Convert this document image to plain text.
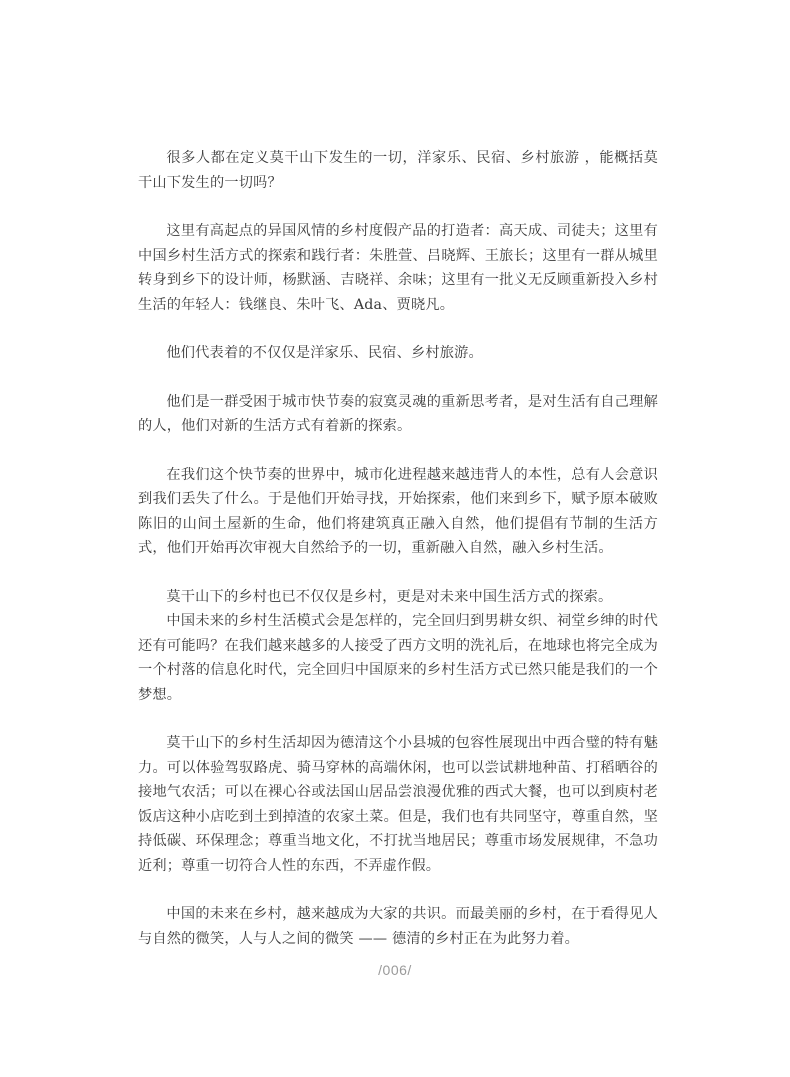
很多人都在定义莫干山下发生的一切，洋家乐、民宿、乡村旅游 ，能概括莫干山下发生的一切吗？

这里有高起点的异国风情的乡村度假产品的打造者：高天成、司徒夫；这里有中国乡村生活方式的探索和践行者：朱胜萱、吕晓辉、王旅长；这里有一群从城里转身到乡下的设计师，杨默涵、吉晓祥、余味；这里有一批义无反顾重新投入乡村生活的年轻人：钱继良、朱叶飞、Ada、贾晓凡。

他们代表着的不仅仅是洋家乐、民宿、乡村旅游。

他们是一群受困于城市快节奏的寂寞灵魂的重新思考者，是对生活有自己理解的人，他们对新的生活方式有着新的探索。

在我们这个快节奏的世界中，城市化进程越来越违背人的本性，总有人会意识到我们丢失了什么。于是他们开始寻找，开始探索，他们来到乡下，赋予原本破败陈旧的山间土屋新的生命，他们将建筑真正融入自然，他们提倡有节制的生活方式，他们开始再次审视大自然给予的一切，重新融入自然，融入乡村生活。

莫干山下的乡村也已不仅仅是乡村，更是对未来中国生活方式的探索。

中国未来的乡村生活模式会是怎样的，完全回归到男耕女织、祠堂乡绅的时代还有可能吗？在我们越来越多的人接受了西方文明的洗礼后，在地球也将完全成为一个村落的信息化时代，完全回归中国原来的乡村生活方式已然只能是我们的一个梦想。

莫干山下的乡村生活却因为德清这个小县城的包容性展现出中西合璧的特有魅力。可以体验驾驭路虎、骑马穿林的高端休闲，也可以尝试耕地种苗、打稻晒谷的接地气农活；可以在裸心谷或法国山居品尝浪漫优雅的西式大餐，也可以到庾村老饭店这种小店吃到土到掉渣的农家土菜。但是，我们也有共同坚守，尊重自然，坚持低碳、环保理念；尊重当地文化，不打扰当地居民；尊重市场发展规律，不急功近利；尊重一切符合人性的东西，不弄虚作假。

中国的未来在乡村，越来越成为大家的共识。而最美丽的乡村，在于看得见人与自然的微笑，人与人之间的微笑 —— 德清的乡村正在为此努力着。

/006/
